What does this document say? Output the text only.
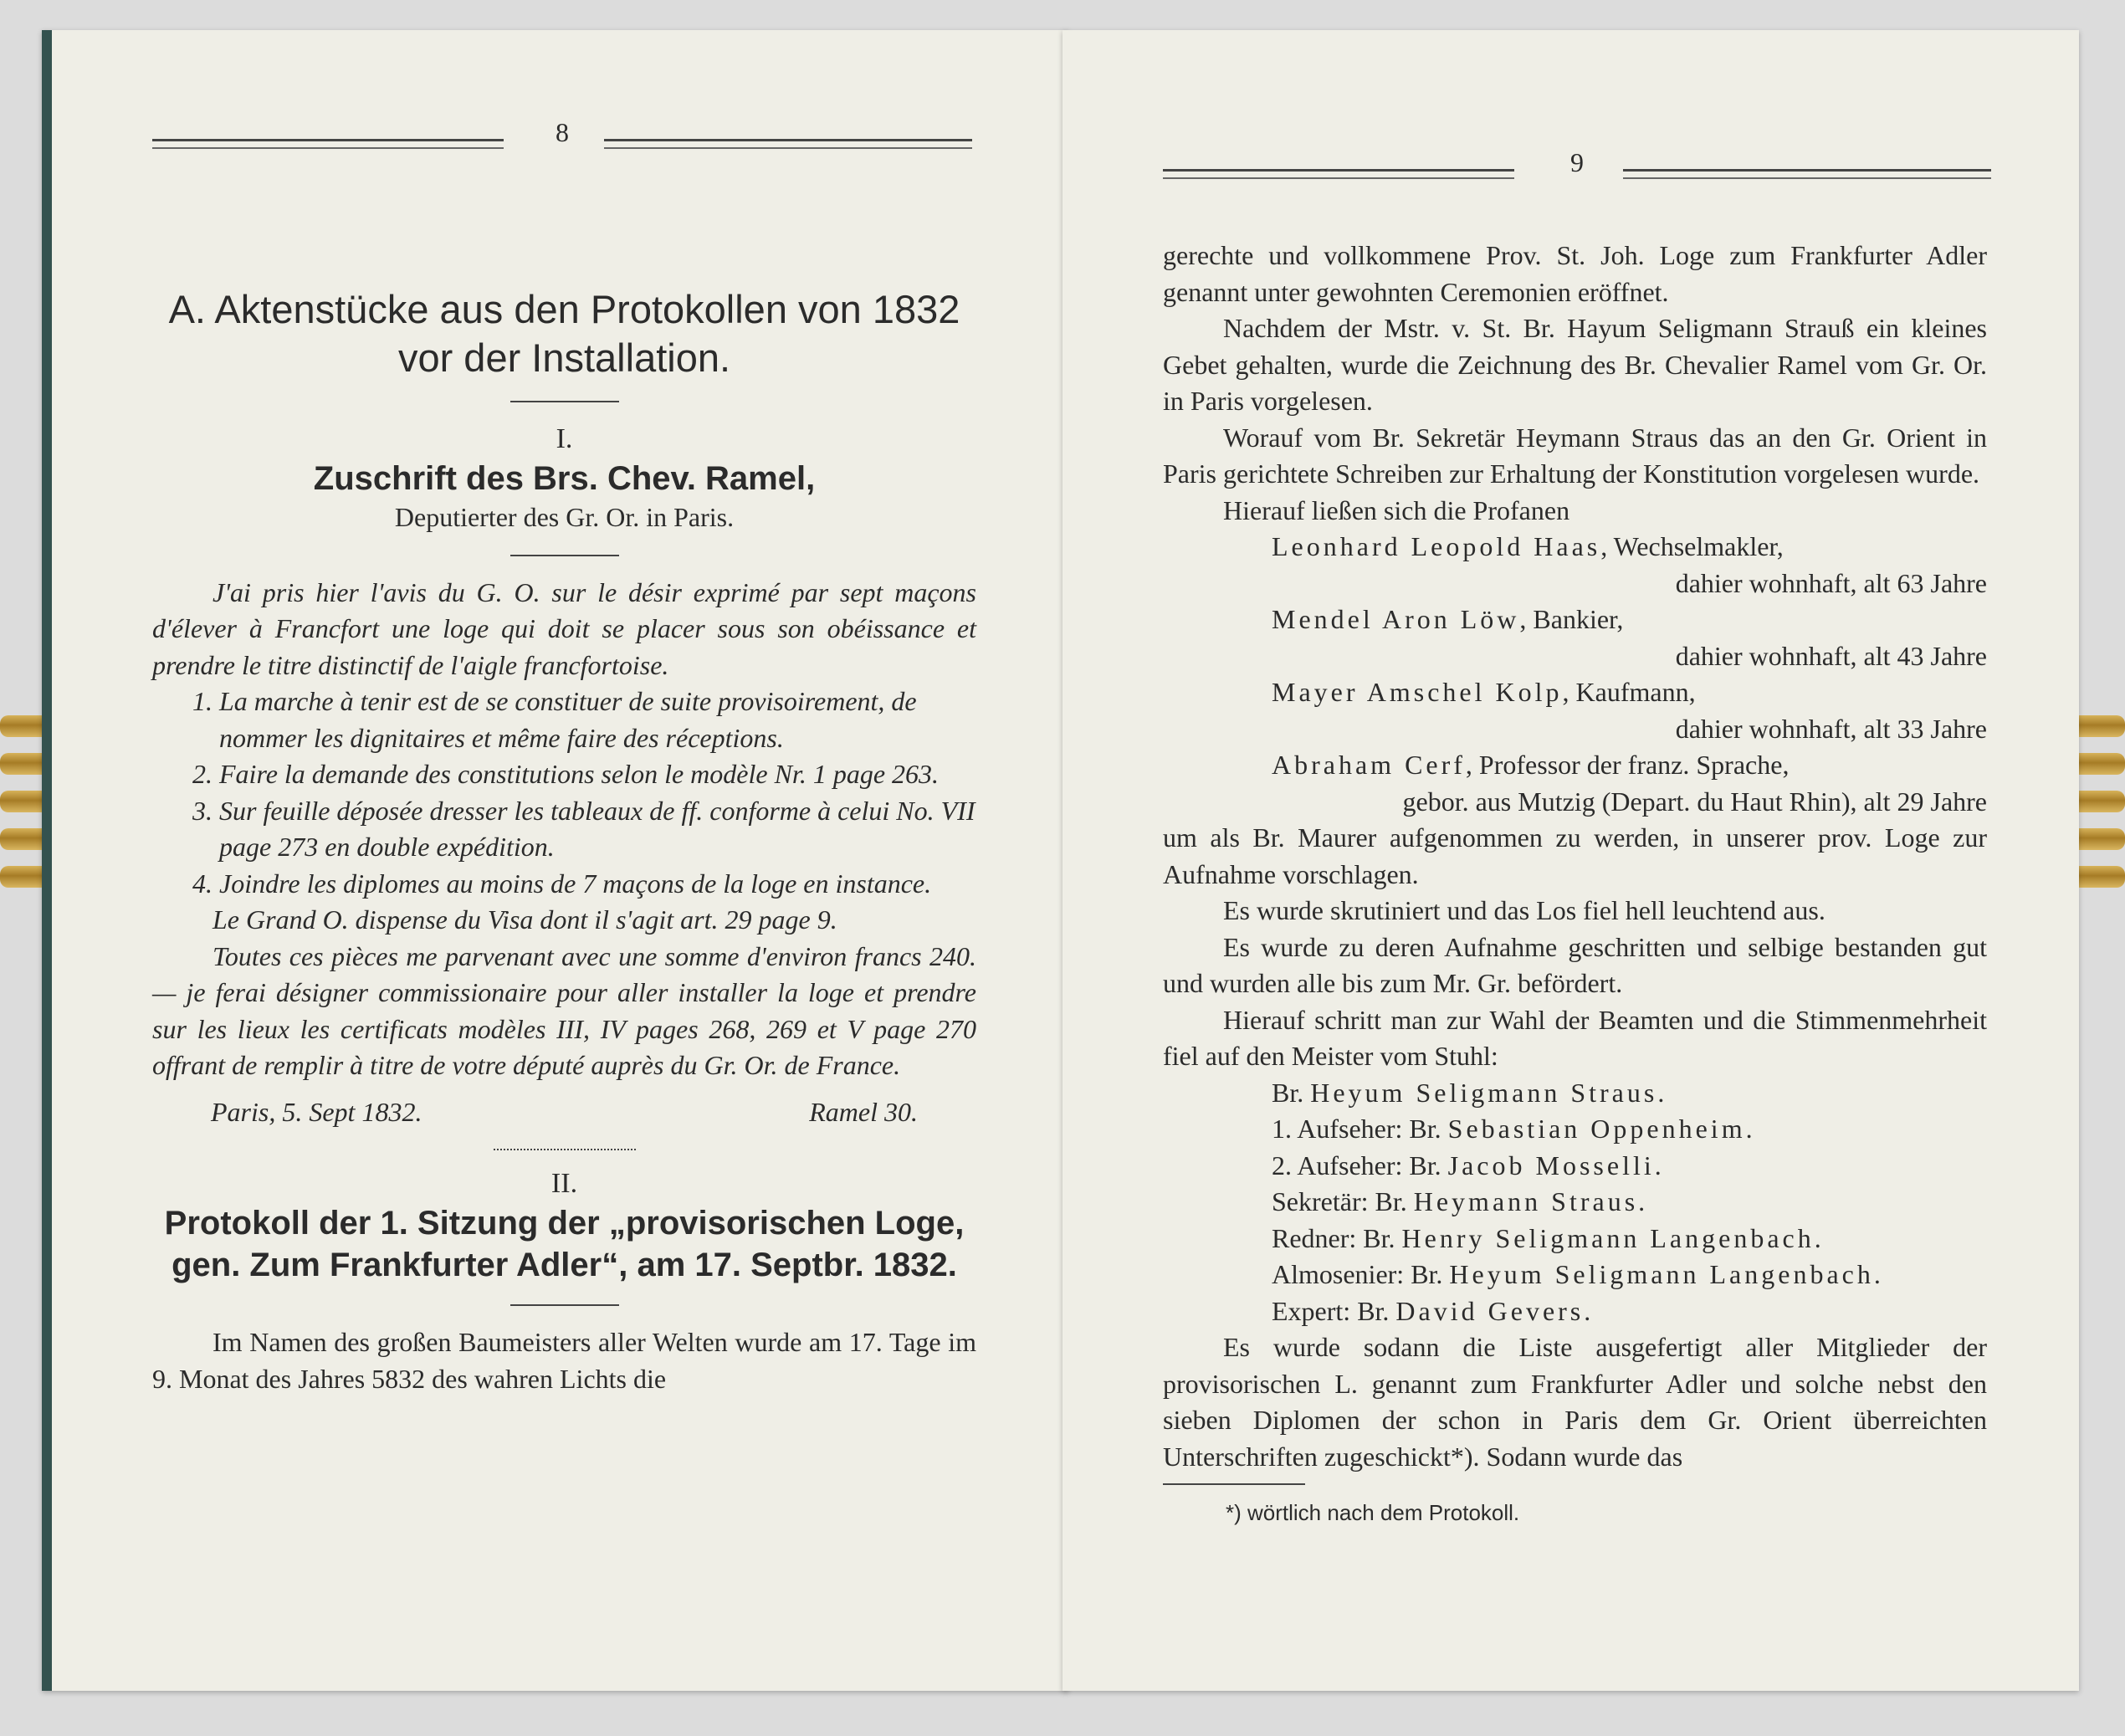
8
A. Aktenstücke aus den Protokollen von 1832
vor der Installation.
I.
Zuschrift des Brs. Chev. Ramel,
Deputierter des Gr. Or. in Paris.

J'ai pris hier l'avis du G. O. sur le désir exprimé par sept maçons d'élever à Francfort une loge qui doit se placer sous son obéissance et prendre le titre distinctif de l'aigle francfortoise.

1. La marche à tenir est de se constituer de suite provisoirement, de nommer les dignitaires et même faire des réceptions.
2. Faire la demande des constitutions selon le modèle Nr. 1 page 263.
3. Sur feuille déposée dresser les tableaux de ff. conforme à celui No. VII page 273 en double expédition.
4. Joindre les diplomes au moins de 7 maçons de la loge en instance.

Le Grand O. dispense du Visa dont il s'agit art. 29 page 9.

Toutes ces pièces me parvenant avec une somme d'environ francs 240.— je ferai désigner commissionaire pour aller installer la loge et prendre sur les lieux les certificats modèles III, IV pages 268, 269 et V page 270 offrant de remplir à titre de votre député auprès du Gr. Or. de France.

Paris, 5. Sept 1832.	Ramel 30.
II.
Protokoll der 1. Sitzung der „provisorischen Loge, gen. Zum Frankfurter Adler“, am 17. Septbr. 1832.

Im Namen des großen Baumeisters aller Welten wurde am 17. Tage im 9. Monat des Jahres 5832 des wahren Lichts die

9

gerechte und vollkommene Prov. St. Joh. Loge zum Frankfurter Adler genannt unter gewohnten Ceremonien eröffnet.

Nachdem der Mstr. v. St. Br. Hayum Seligmann Strauß ein kleines Gebet gehalten, wurde die Zeichnung des Br. Chevalier Ramel vom Gr. Or. in Paris vorgelesen.

Worauf vom Br. Sekretär Heymann Straus das an den Gr. Orient in Paris gerichtete Schreiben zur Erhaltung der Konstitution vorgelesen wurde.

Hierauf ließen sich die Profanen

Leonhard Leopold Haas, Wechselmakler,
dahier wohnhaft, alt 63 Jahre
Mendel Aron Löw, Bankier,
dahier wohnhaft, alt 43 Jahre
Mayer Amschel Kolp, Kaufmann,
dahier wohnhaft, alt 33 Jahre
Abraham Cerf, Professor der franz. Sprache,
gebor. aus Mutzig (Depart. du Haut Rhin), alt 29 Jahre

um als Br. Maurer aufgenommen zu werden, in unserer prov. Loge zur Aufnahme vorschlagen.

Es wurde skrutiniert und das Los fiel hell leuchtend aus.

Es wurde zu deren Aufnahme geschritten und selbige bestanden gut und wurden alle bis zum Mr. Gr. befördert.

Hierauf schritt man zur Wahl der Beamten und die Stimmenmehrheit fiel auf den Meister vom Stuhl:

Br. Heyum Seligmann Straus.
1. Aufseher: Br. Sebastian Oppenheim.
2. Aufseher: Br. Jacob Mosselli.
Sekretär: Br. Heymann Straus.
Redner: Br. Henry Seligmann Langenbach.
Almosenier: Br. Heyum Seligmann Langenbach.
Expert: Br. David Gevers.

Es wurde sodann die Liste ausgefertigt aller Mitglieder der provisorischen L. genannt zum Frankfurter Adler und solche nebst den sieben Diplomen der schon in Paris dem Gr. Orient überreichten Unterschriften zugeschickt*). Sodann wurde das

*) wörtlich nach dem Protokoll.
